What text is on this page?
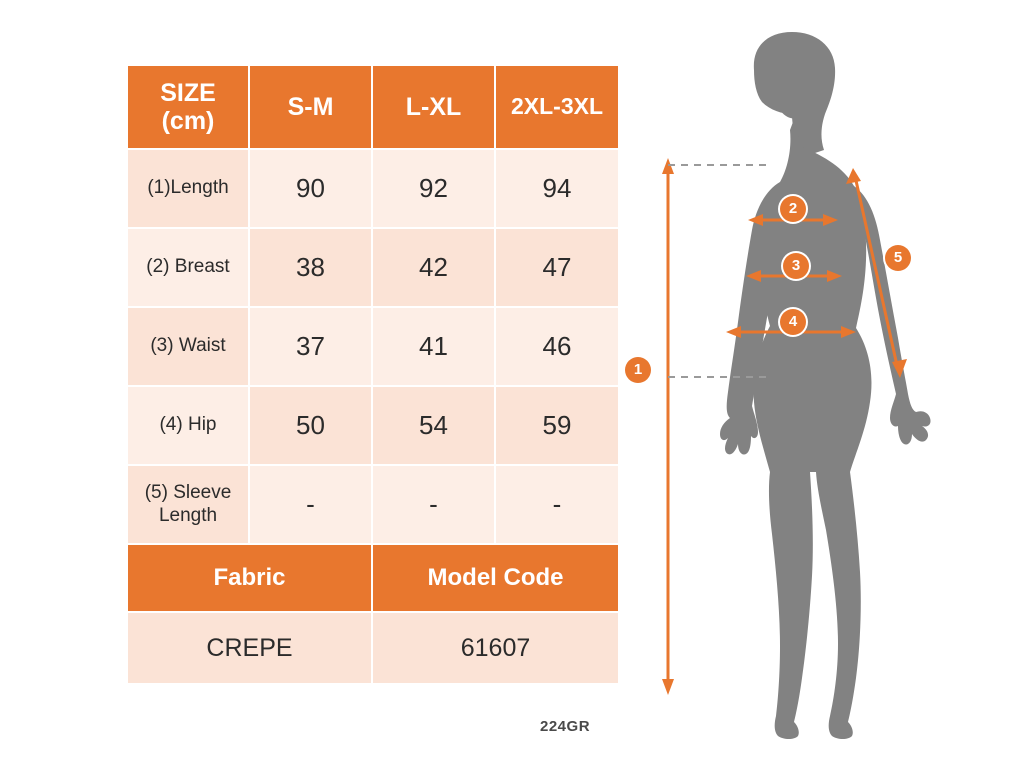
SIZE
(cm)	S-M	L-XL	2XL-3XL
(1)Length	90	92	94
(2) Breast	38	42	47
(3) Waist	37	41	46
(4) Hip	50	54	59

(5) Sleeve
Length	-	-	-
Fabric		Model Code	
CREPE		61607	
224GR
1
2
3
4
5
